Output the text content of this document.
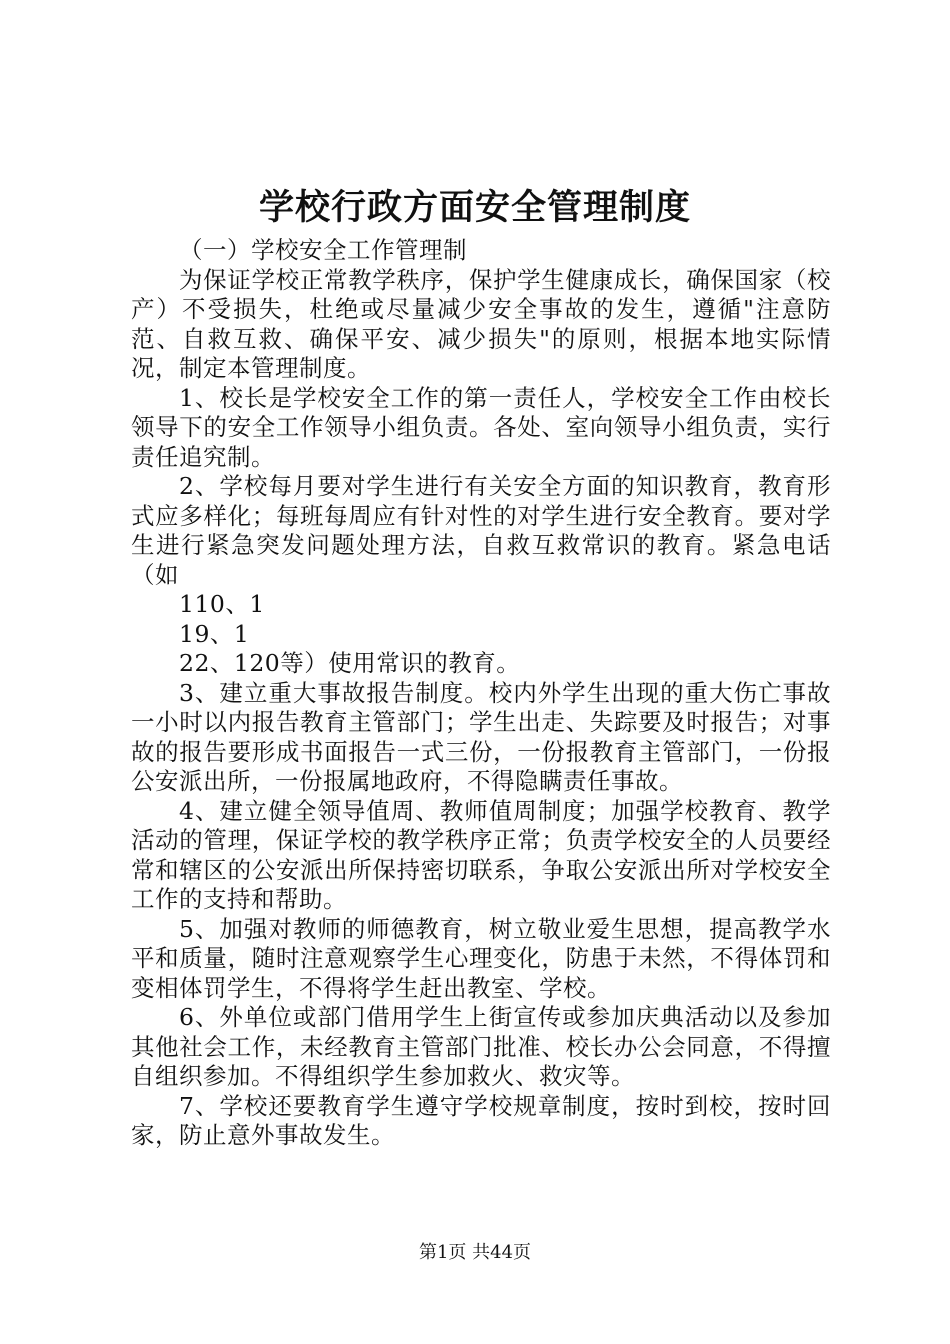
学校行政方面安全管理制度

（一）学校安全工作管理制

为保证学校正常教学秩序，保护学生健康成长，确保国家（校产）不受损失，杜绝或尽量减少安全事故的发生，遵循"注意防范、自救互救、确保平安、减少损失"的原则，根据本地实际情况，制定本管理制度。

1、校长是学校安全工作的第一责任人，学校安全工作由校长领导下的安全工作领导小组负责。各处、室向领导小组负责，实行责任追究制。

2、学校每月要对学生进行有关安全方面的知识教育，教育形式应多样化；每班每周应有针对性的对学生进行安全教育。要对学生进行紧急突发问题处理方法，自救互救常识的教育。紧急电话（如

110、1

19、1

22、120等）使用常识的教育。

3、建立重大事故报告制度。校内外学生出现的重大伤亡事故一小时以内报告教育主管部门；学生出走、失踪要及时报告；对事故的报告要形成书面报告一式三份，一份报教育主管部门，一份报公安派出所，一份报属地政府，不得隐瞒责任事故。

4、建立健全领导值周、教师值周制度；加强学校教育、教学活动的管理，保证学校的教学秩序正常；负责学校安全的人员要经常和辖区的公安派出所保持密切联系，争取公安派出所对学校安全工作的支持和帮助。

5、加强对教师的师德教育，树立敬业爱生思想，提高教学水平和质量，随时注意观察学生心理变化，防患于未然，不得体罚和变相体罚学生，不得将学生赶出教室、学校。

6、外单位或部门借用学生上街宣传或参加庆典活动以及参加其他社会工作，未经教育主管部门批准、校长办公会同意，不得擅自组织参加。不得组织学生参加救火、救灾等。

7、学校还要教育学生遵守学校规章制度，按时到校，按时回家，防止意外事故发生。

第1页 共44页
